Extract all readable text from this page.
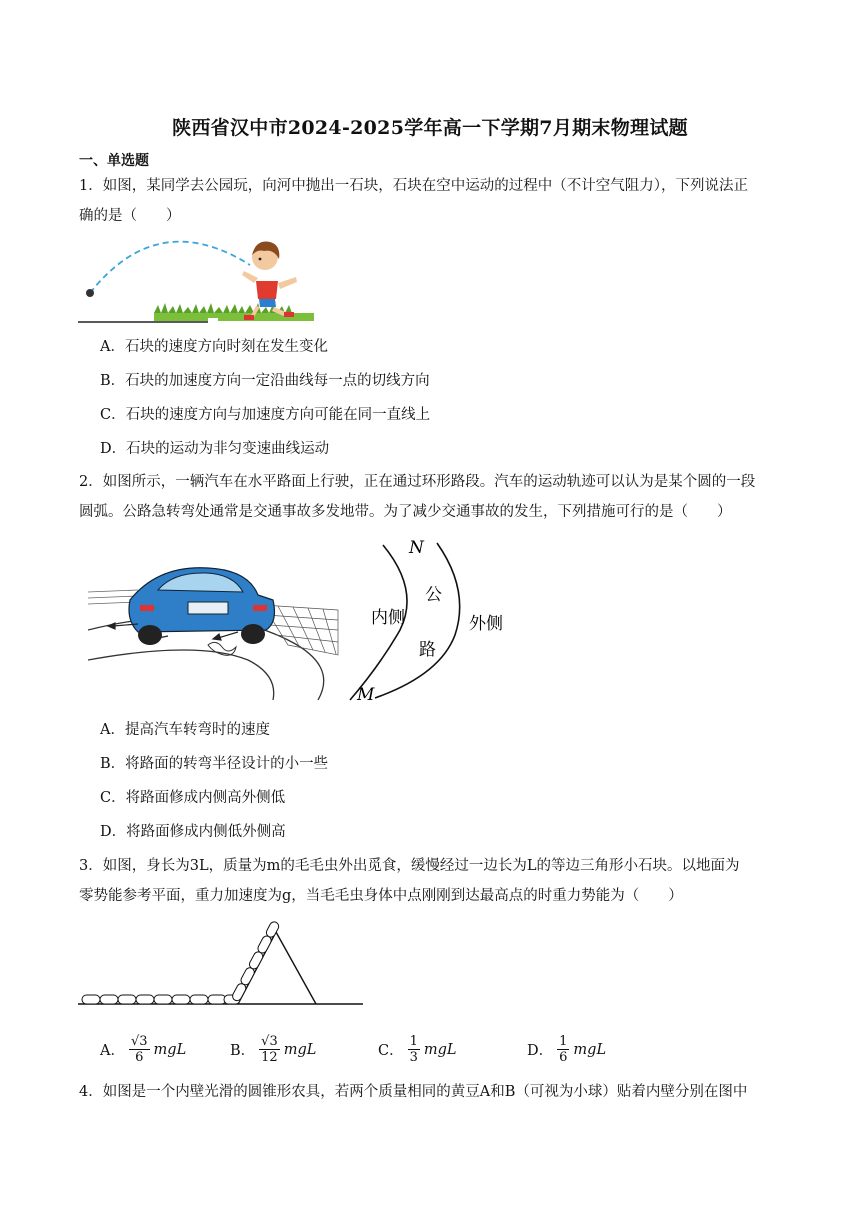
陕西省汉中市2024-2025学年高一下学期7月期末物理试题
一、单选题
1．如图，某同学去公园玩，向河中抛出一石块，石块在空中运动的过程中（不计空气阻力），下列说法正
确的是（　　）
A．石块的速度方向时刻在发生变化
B．石块的加速度方向一定沿曲线每一点的切线方向
C．石块的速度方向与加速度方向可能在同一直线上
D．石块的运动为非匀变速曲线运动
2．如图所示，一辆汽车在水平路面上行驶，正在通过环形路段。汽车的运动轨迹可以认为是某个圆的一段
圆弧。公路急转弯处通常是交通事故多发地带。为了减少交通事故的发生，下列措施可行的是（　　）
N
M
内侧	外侧
公
路
A．提高汽车转弯时的速度
B．将路面的转弯半径设计的小一些
C．将路面修成内侧高外侧低
D．将路面修成内侧低外侧高
3．如图，身长为3L，质量为m的毛毛虫外出觅食，缓慢经过一边长为L的等边三角形小石块。以地面为
零势能参考平面，重力加速度为g，当毛毛虫身体中点刚刚到达最高点的时重力势能为（　　）
A． $\frac{√3}{6}$ mgL	B． $\frac{√3}{12}$ mgL	C． $\frac{1}{3}$ mgL	D． $\frac{1}{6}$ mgL
4．如图是一个内壁光滑的圆锥形农具，若两个质量相同的黄豆A和B（可视为小球）贴着内壁分别在图中
